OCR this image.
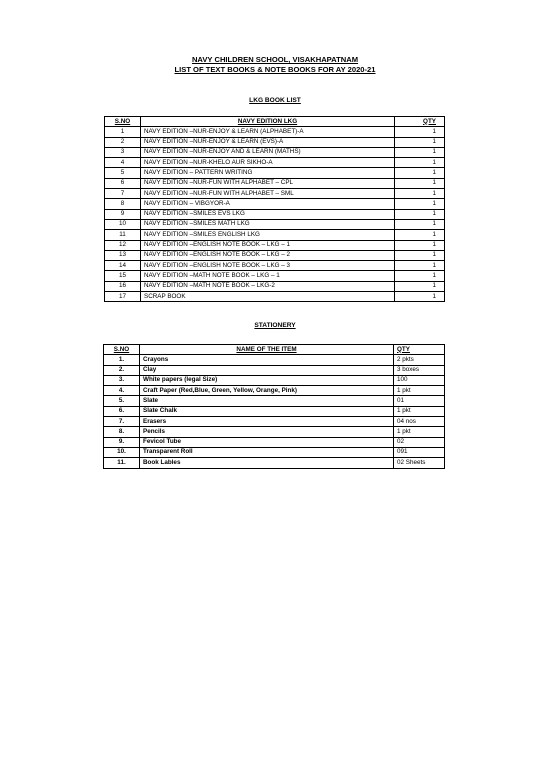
NAVY CHILDREN SCHOOL, VISAKHAPATNAM
LIST OF TEXT BOOKS & NOTE BOOKS FOR AY 2020-21
LKG BOOK LIST
S.NO	NAVY EDITION LKG	QTY
1	NAVY EDITION –NUR-ENJOY & LEARN (ALPHABET)-A	1
2	NAVY EDITION –NUR-ENJOY & LEARN (EVS)-A	1
3	NAVY EDITION –NUR-ENJOY AND & LEARN (MATHS)	1
4	NAVY EDITION –NUR-KHELO AUR SIKHO-A	1
5	NAVY EDITION – PATTERN WRITING	1
6	NAVY EDITION –NUR-FUN WITH ALPHABET – CPL	1
7	NAVY EDITION –NUR-FUN WITH ALPHABET – SML	1
8	NAVY EDITION – VIBGYOR-A	1
9	NAVY EDITION –SMILES EVS LKG	1
10	NAVY EDITION –SMILES MATH LKG	1
11	NAVY EDITION –SMILES ENGLISH LKG	1
12	NAVY EDITION –ENGLISH NOTE BOOK – LKG – 1	1
13	NAVY EDITION –ENGLISH NOTE BOOK – LKG – 2	1
14	NAVY EDITION –ENGLISH NOTE BOOK – LKG – 3	1
15	NAVY EDITION –MATH NOTE BOOK – LKG – 1	1
16	NAVY EDITION –MATH NOTE BOOK – LKG-2	1
17	SCRAP BOOK	1
STATIONERY
S.NO	NAME OF THE ITEM	QTY
1.	Crayons	2 pkts
2.	Clay	3 boxes
3.	White papers (legal Size)	100
4.	Craft Paper (Red,Blue, Green, Yellow, Orange, Pink)	1 pkt
5.	Slate	01
6.	Slate Chalk	1 pkt
7.	Erasers	04 nos
8.	Pencils	1 pkt
9.	Fevicol Tube	02
10.	Transparent Roll	091
11.	Book Lables	02 Sheets
